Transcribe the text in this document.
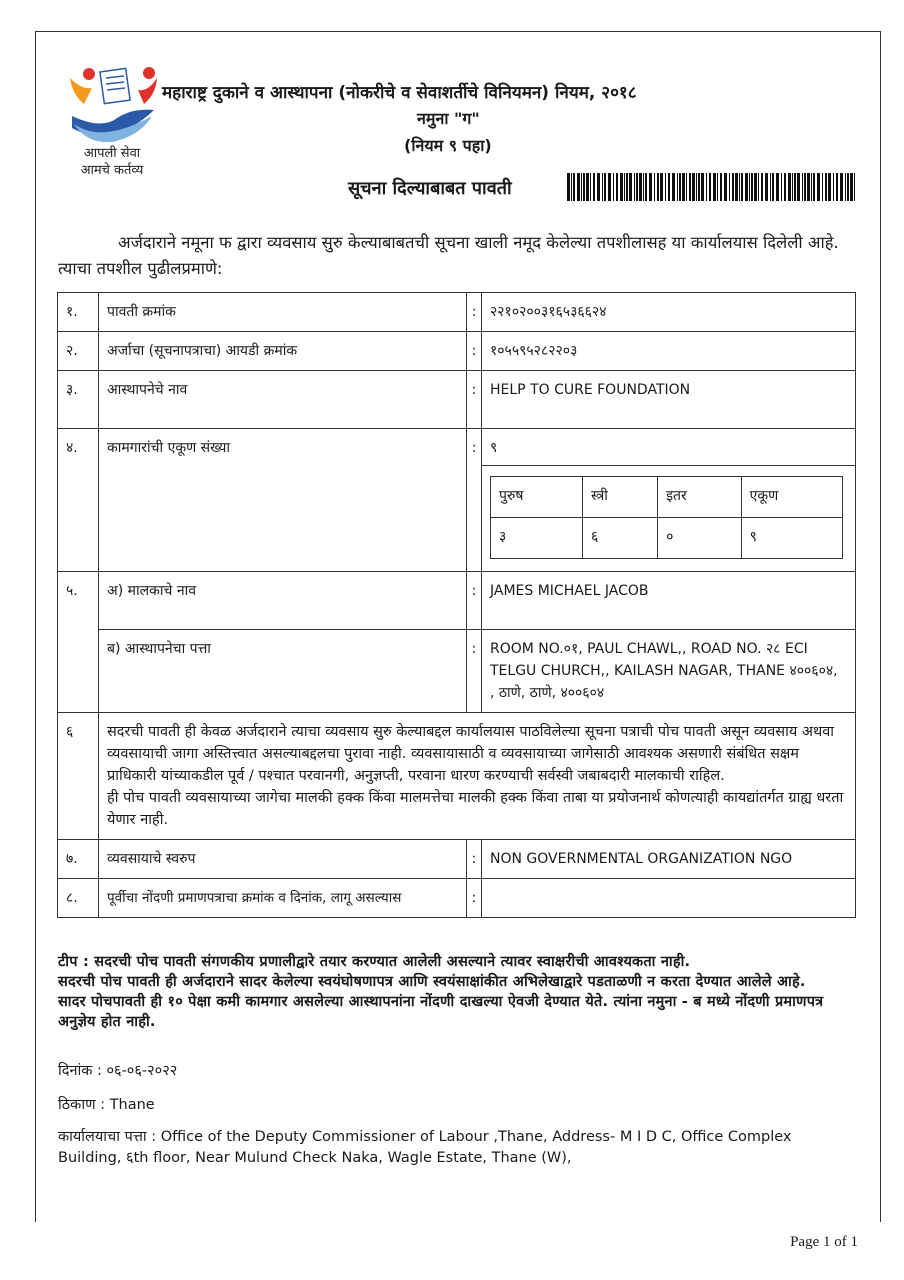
आपली सेवा
आमचे कर्तव्य
महाराष्ट्र दुकाने व आस्थापना (नोकरीचे व सेवाशर्तीचे विनियमन) नियम, २०१८
नमुना "ग"
(नियम ९ पहा)
सूचना दिल्याबाबत पावती
अर्जदाराने नमूना फ द्वारा व्यवसाय सुरु केल्याबाबतची सूचना खाली नमूद केलेल्या तपशीलासह या कार्यालयास दिलेली आहे. त्याचा तपशील पुढीलप्रमाणे:
१.	पावती क्रमांक	:	२२१०२००३१६५३६६२४
२.	अर्जाचा (सूचनापत्राचा) आयडी क्रमांक	:	१०५५९५२८२२०३
३.	आस्थापनेचे नाव	:	HELP TO CURE FOUNDATION
४.	कामगारांची एकूण संख्या	:	९
पुरुष	स्त्री	इतर	एकूण
३	६	०	९

५.	अ) मालकाचे नाव	:	JAMES MICHAEL JACOB
ब) आस्थापनेचा पत्ता	:	ROOM NO.०१, PAUL CHAWL,, ROAD NO. २८ ECI
TELGU CHURCH,, KAILASH NAGAR, THANE ४००६०४,
, ठाणे, ठाणे, ४००६०४

६	सदरची पावती ही केवळ अर्जदाराने त्याचा व्यवसाय सुरु केल्याबद्दल कार्यालयास पाठविलेल्या सूचना पत्राची पोच पावती असून व्यवसाय अथवा व्यवसायाची जागा अस्तित्त्वात असल्याबद्दलचा पुरावा नाही. व्यवसायासाठी व व्यवसायाच्या जागेसाठी आवश्यक असणारी संबंधित सक्षम प्राधिकारी यांच्याकडील पूर्व / पश्चात परवानगी, अनुज्ञप्ती, परवाना धारण करण्याची सर्वस्वी जबाबदारी मालकाची राहिल.
ही पोच पावती व्यवसायाच्या जागेचा मालकी हक्क किंवा मालमत्तेचा मालकी हक्क किंवा ताबा या प्रयोजनार्थ कोणत्याही कायद्यांतर्गत ग्राह्य धरता येणार नाही.

७.	व्यवसायाचे स्वरुप	:	NON GOVERNMENTAL ORGANIZATION NGO
८.	पूर्वीचा नोंदणी प्रमाणपत्राचा क्रमांक व दिनांक, लागू असल्यास	:	
टीप : सदरची पोच पावती संगणकीय प्रणालीद्वारे तयार करण्यात आलेली असल्याने त्यावर स्वाक्षरीची आवश्यकता नाही.
सदरची पोच पावती ही अर्जदाराने सादर केलेल्या स्वयंघोषणापत्र आणि स्वयंसाक्षांकीत अभिलेखाद्वारे पडताळणी न करता देण्यात आलेले आहे.
सादर पोचपावती ही १० पेक्षा कमी कामगार असलेल्या आस्थापनांना नोंदणी दाखल्या ऐवजी देण्यात येते. त्यांना नमुना - ब मध्ये नोंदणी प्रमाणपत्र अनुज्ञेय होत नाही.
दिनांक : ०६-०६-२०२२
ठिकाण : Thane
कार्यालयाचा पत्ता : Office of the Deputy Commissioner of Labour ,Thane, Address- M I D C, Office Complex Building, ६th floor, Near Mulund Check Naka, Wagle Estate, Thane (W),
Page 1 of 1
